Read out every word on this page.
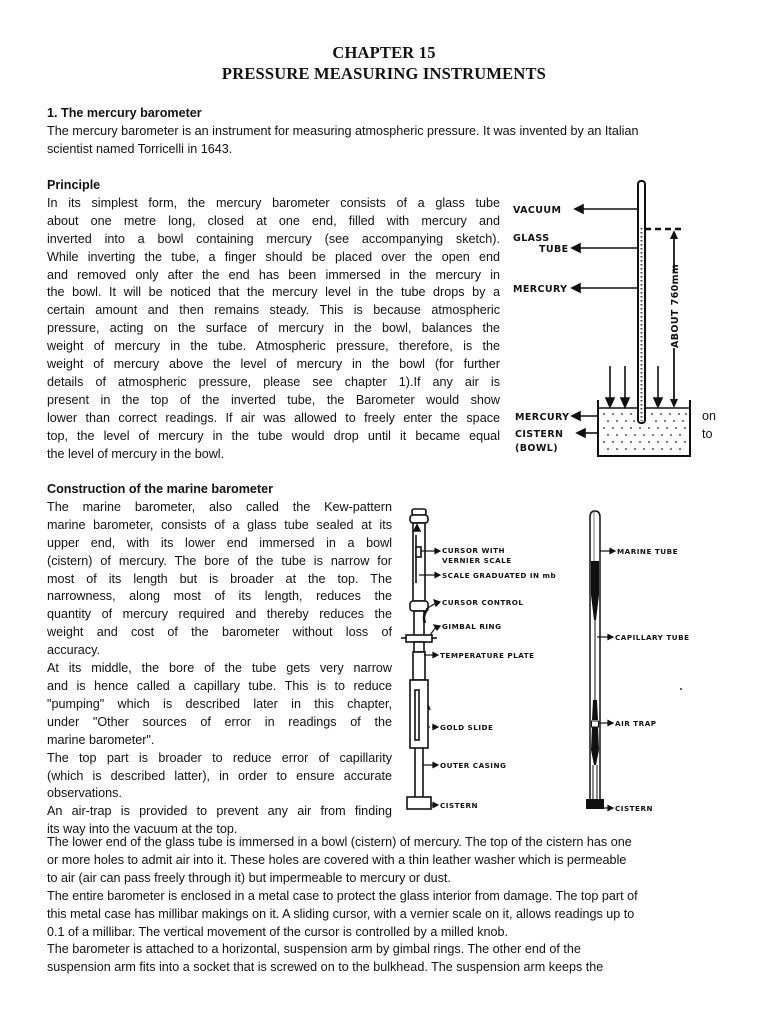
CHAPTER 15
PRESSURE MEASURING INSTRUMENTS

1. The mercury barometer

The mercury barometer is an instrument for measuring atmospheric pressure. It was invented by an Italian

scientist named Torricelli in 1643.

Principle

In its simplest form, the mercury barometer consists of a glass tube

about one metre long, closed at one end, filled with mercury and

inverted into a bowl containing mercury (see accompanying sketch).

While inverting the tube, a finger should be placed over the open end

and removed only after the end has been immersed in the mercury in

the bowl. It will be noticed that the mercury level in the tube drops by a

certain amount and then remains steady. This is because atmospheric

pressure, acting on the surface of mercury in the bowl, balances the

weight of mercury in the tube. Atmospheric pressure, therefore, is the

weight of mercury above the level of mercury in the bowl (for further

details of atmospheric pressure, please see chapter 1).If any air is

present in the top of the inverted tube, the Barometer would show

lower than correct readings. If air was allowed to freely enter the space

top, the level of mercury in the tube would drop until it became equal

the level of mercury in the bowl.

on
to
ABOUT 760mm
VACUUM
GLASS
TUBE
MERCURY
MERCURY
CISTERN
(BOWL)

Construction of the marine barometer

The marine barometer, also called the Kew-pattern

marine barometer, consists of a glass tube sealed at its

upper end, with its lower end immersed in a bowl

(cistern) of mercury. The bore of the tube is narrow for

most of its length but is broader at the top. The

narrowness, along most of its length, reduces the

quantity of mercury required and thereby reduces the

weight and cost of the barometer without loss of

accuracy.

At its middle, the bore of the tube gets very narrow

and is hence called a capillary tube. This is to reduce

"pumping" which is described later in this chapter,

under "Other sources of error in readings of the

marine barometer".

The top part is broader to reduce error of capillarity

(which is described latter), in order to ensure accurate

observations.

An air-trap is provided to prevent any air from finding

its way into the vacuum at the top.

The lower end of the glass tube is immersed in a bowl (cistern) of mercury. The top of the cistern has one

or more holes to admit air into it. These holes are covered with a thin leather washer which is permeable

to air (air can pass freely through it) but impermeable to mercury or dust.

The entire barometer is enclosed in a metal case to protect the glass interior from damage. The top part of

this metal case has millibar makings on it. A sliding cursor, with a vernier scale on it, allows readings up to

0.1 of a millibar. The vertical movement of the cursor is controlled by a milled knob.

The barometer is attached to a horizontal, suspension arm by gimbal rings. The other end of the

suspension arm fits into a socket that is screwed on to the bulkhead. The suspension arm keeps the

CURSOR WITH
VERNIER SCALE
SCALE GRADUATED IN mb
CURSOR CONTROL
GIMBAL RING
TEMPERATURE PLATE
GOLD SLIDE
OUTER CASING
CISTERN
MARINE TUBE
CAPILLARY TUBE
AIR TRAP
CISTERN
